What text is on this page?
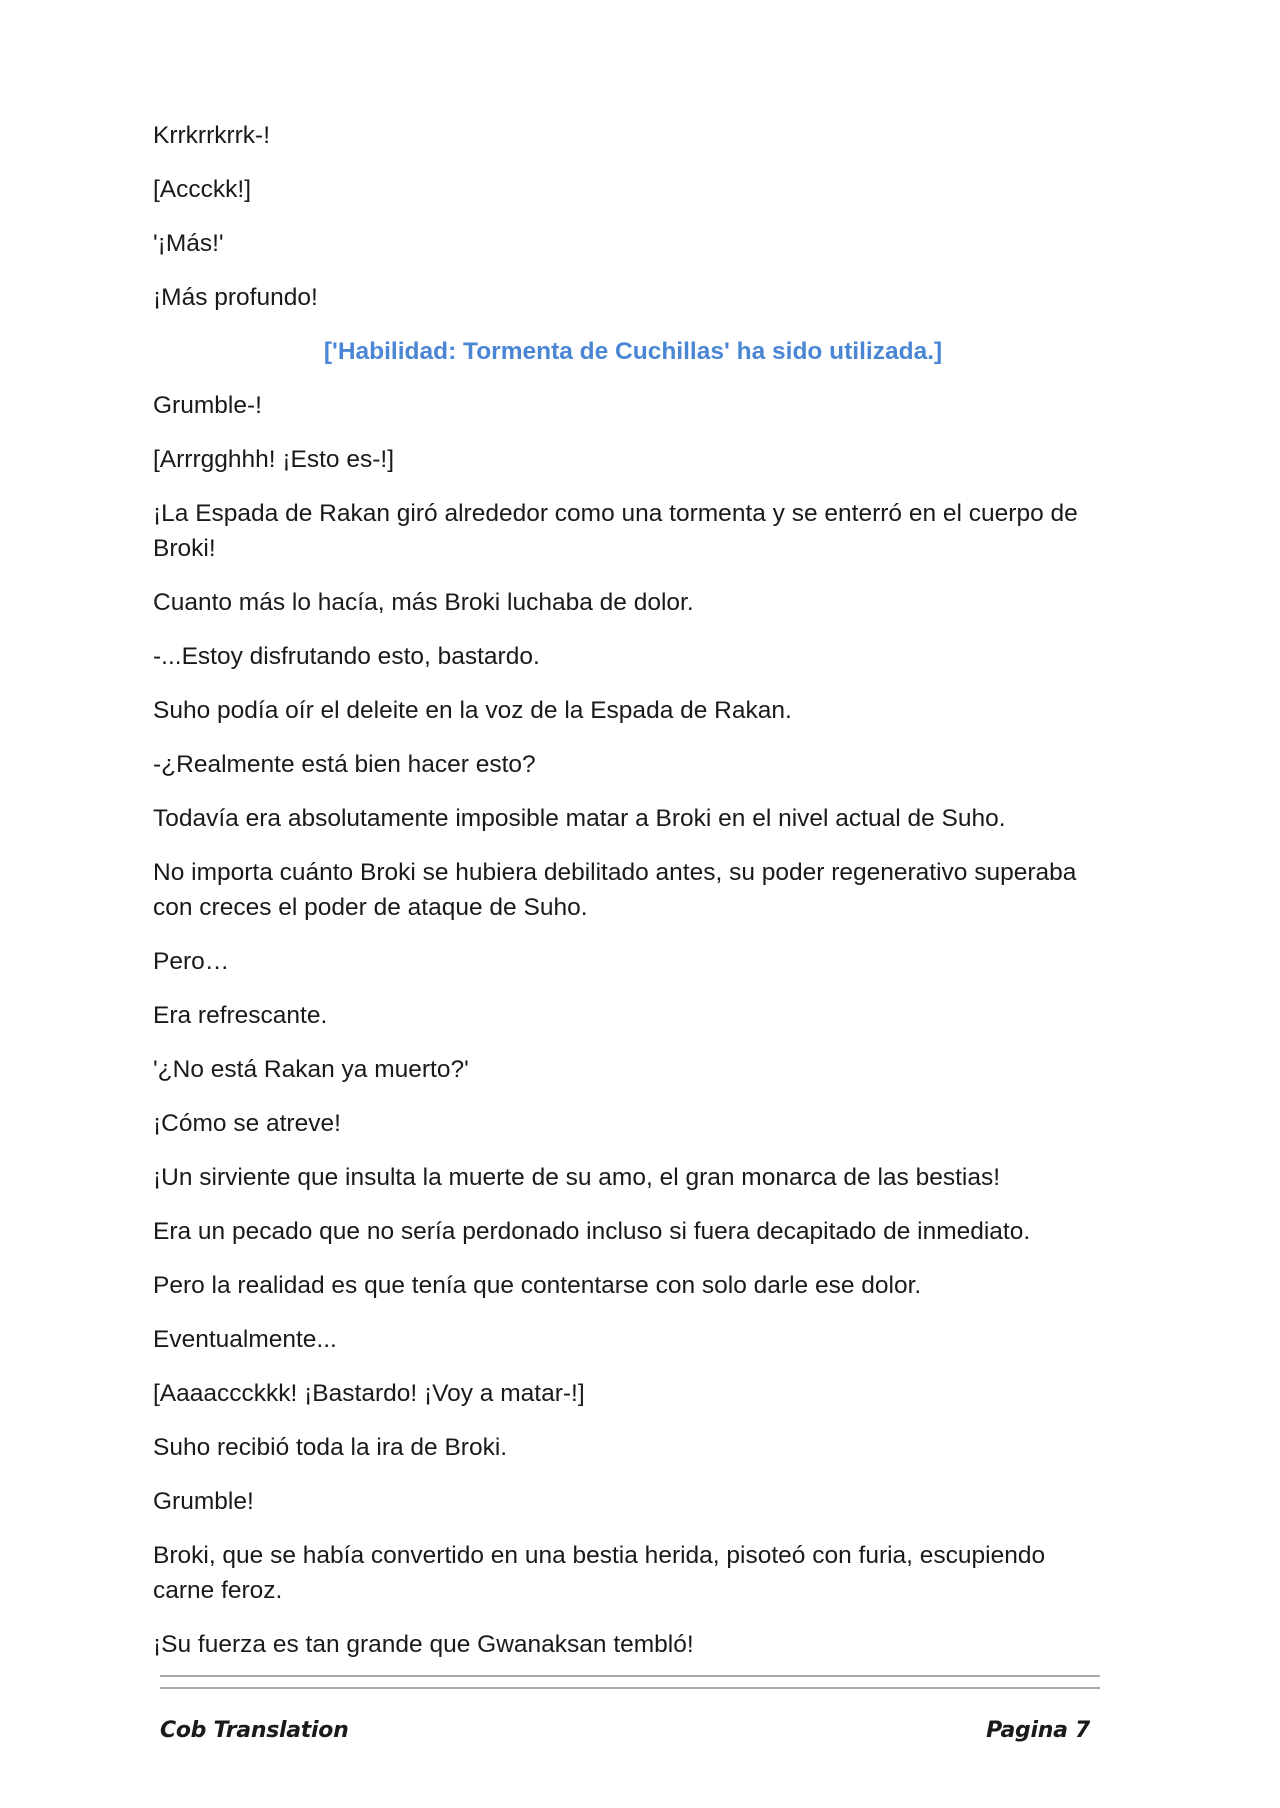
Krrkrrkrrk-!

[Accckk!]

'¡Más!'

¡Más profundo!

['Habilidad: Tormenta de Cuchillas' ha sido utilizada.]

Grumble-!

[Arrrgghhh! ¡Esto es-!]

¡La Espada de Rakan giró alrededor como una tormenta y se enterró en el cuerpo de Broki!

Cuanto más lo hacía, más Broki luchaba de dolor.

-...Estoy disfrutando esto, bastardo.

Suho podía oír el deleite en la voz de la Espada de Rakan.

-¿Realmente está bien hacer esto?

Todavía era absolutamente imposible matar a Broki en el nivel actual de Suho.

No importa cuánto Broki se hubiera debilitado antes, su poder regenerativo superaba con creces el poder de ataque de Suho.

Pero…

Era refrescante.

'¿No está Rakan ya muerto?'

¡Cómo se atreve!

¡Un sirviente que insulta la muerte de su amo, el gran monarca de las bestias!

Era un pecado que no sería perdonado incluso si fuera decapitado de inmediato.

Pero la realidad es que tenía que contentarse con solo darle ese dolor.

Eventualmente...

[Aaaaccckkk! ¡Bastardo! ¡Voy a matar-!]

Suho recibió toda la ira de Broki.

Grumble!

Broki, que se había convertido en una bestia herida, pisoteó con furia, escupiendo carne feroz.

¡Su fuerza es tan grande que Gwanaksan tembló!

Cob Translation	Pagina 7
